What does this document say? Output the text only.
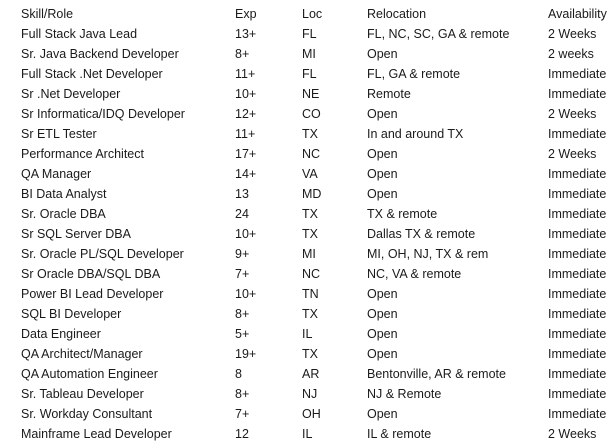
Skill/Role	Exp	Loc	Relocation	Availability
Full Stack Java Lead	13+	FL	FL, NC, SC, GA & remote	2 Weeks
Sr. Java Backend Developer	8+	MI	Open	2 weeks
Full Stack .Net Developer	11+	FL	FL, GA & remote	Immediate
Sr .Net Developer	10+	NE	Remote	Immediate
Sr Informatica/IDQ Developer	12+	CO	Open	2 Weeks
Sr ETL Tester	11+	TX	In and around TX	Immediate
Performance Architect	17+	NC	Open	2 Weeks
QA Manager	14+	VA	Open	Immediate
BI Data Analyst	13	MD	Open	Immediate
Sr. Oracle DBA	24	TX	TX & remote	Immediate
Sr SQL Server DBA	10+	TX	Dallas TX & remote	Immediate
Sr. Oracle PL/SQL Developer	9+	MI	MI, OH, NJ, TX & rem	Immediate
Sr Oracle DBA/SQL DBA	7+	NC	NC, VA & remote	Immediate
Power BI Lead Developer	10+	TN	Open	Immediate
SQL BI Developer	8+	TX	Open	Immediate
Data Engineer	5+	IL	Open	Immediate
QA Architect/Manager	19+	TX	Open	Immediate
QA Automation Engineer	8	AR	Bentonville, AR & remote	Immediate
Sr. Tableau Developer	8+	NJ	NJ & Remote	Immediate
Sr. Workday Consultant	7+	OH	Open	Immediate
Mainframe Lead Developer	12	IL	IL & remote	2 Weeks
